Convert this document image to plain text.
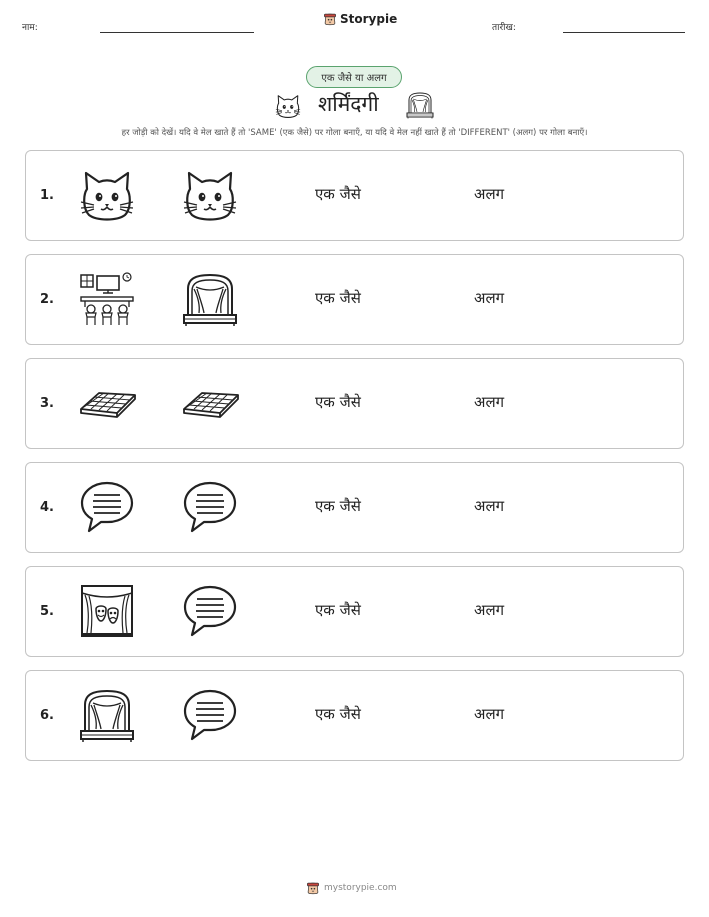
नाम:
Storypie
तारीख:
एक जैसे या अलग
शर्मिंदगी
हर जोड़ी को देखें। यदि वे मेल खाते हैं तो 'SAME' (एक जैसे) पर गोला बनाएँ, या यदि वे मेल नहीं खाते हैं तो 'DIFFERENT' (अलग) पर गोला बनाएँ।
1.	एक जैसे	अलग
2.	एक जैसे	अलग
3.	एक जैसे	अलग
4.	एक जैसे	अलग
5.	एक जैसे	अलग
6.	एक जैसे	अलग
mystorypie.com
